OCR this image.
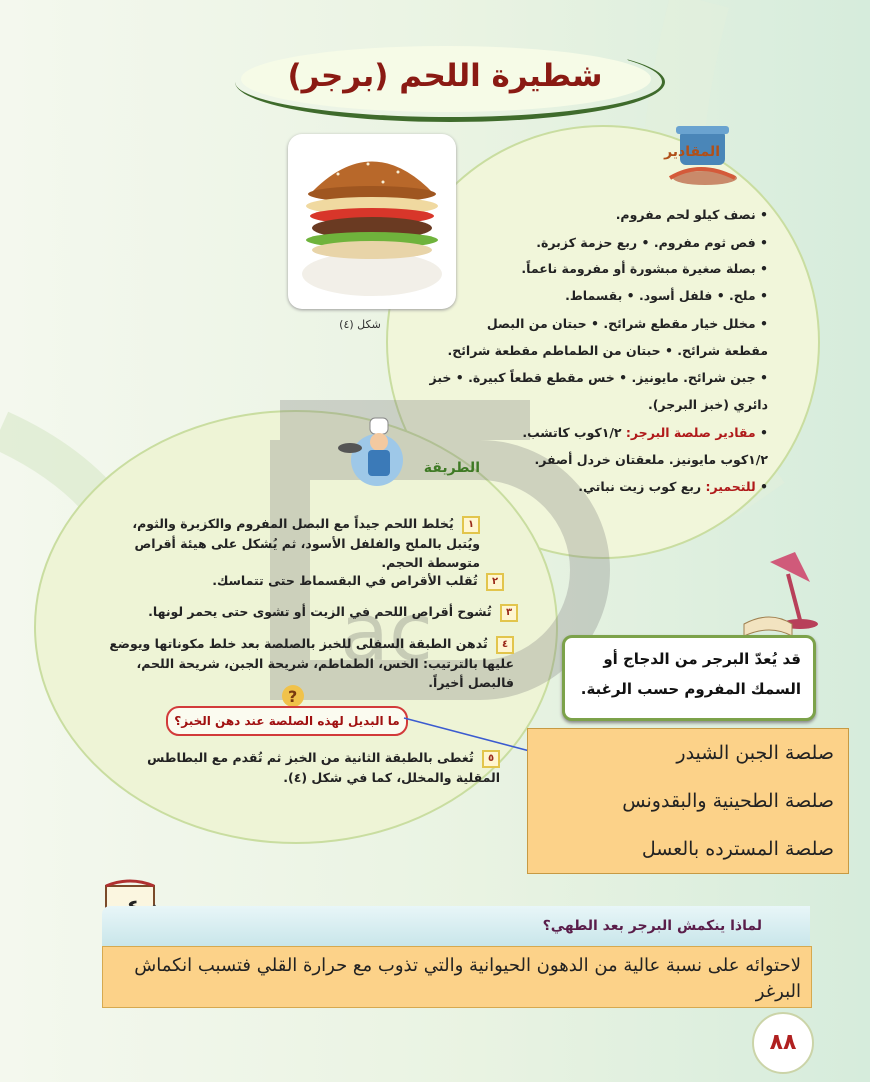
شطيرة اللحم (برجر)
ac
شكل (٤)
المقادير
• نصف كيلو لحم مفروم.
• فص ثوم مفروم. • ربع حزمة كزبرة.
• بصلة صغيرة مبشورة أو مفرومة ناعماً.
• ملح. • فلفل أسود. • بقسماط.
• مخلل خيار مقطع شرائح. • حبتان من البصل
مقطعة شرائح. • حبتان من الطماطم مقطعة شرائح.
• جبن شرائح. مايونيز. • خس مقطع قطعاً كبيرة. • خبز
دائري (خبز البرجر).
• مقادير صلصة البرجر: ١/٢كوب كاتشب.
١/٢كوب مايونيز. ملعقتان خردل أصفر.
• للتحمير: ربع كوب زيت نباتي.
الطريقة
١ يُخلط اللحم جيداً مع البصل المفروم والكزبرة والثوم، ويُتبل بالملح والفلفل الأسود، ثم يُشكل على هيئة أقراص متوسطة الحجم.
٢ تُقلب الأقراص في البقسماط حتى تتماسك.
٣ تُشوح أقراص اللحم في الزيت أو تشوى حتى يحمر لونها.
٤ تُدهن الطبقة السفلى للخبز بالصلصة بعد خلط مكوناتها ويوضع عليها بالترتيب: الخس، الطماطم، شريحة الجبن، شريحة اللحم، فالبصل أخيراً.
?
ما البديل لهذه الصلصة عند دهن الخبز؟
٥ تُغطى بالطبقة الثانية من الخبز ثم تُقدم مع البطاطس المقلية والمخلل، كما في شكل (٤).
قد يُعدّ البرجر من الدجاج أو
السمك المفروم حسب الرغبة.
صلصة الجبن الشيدر
صلصة الطحينية والبقدونس
صلصة المسترده بالعسل
لماذا ينكمش البرجر بعد الطهي؟
لاحتوائه على نسبة عالية من الدهون الحيوانية والتي تذوب مع حرارة القلي فتسبب انكماش البرغر
٨٨
